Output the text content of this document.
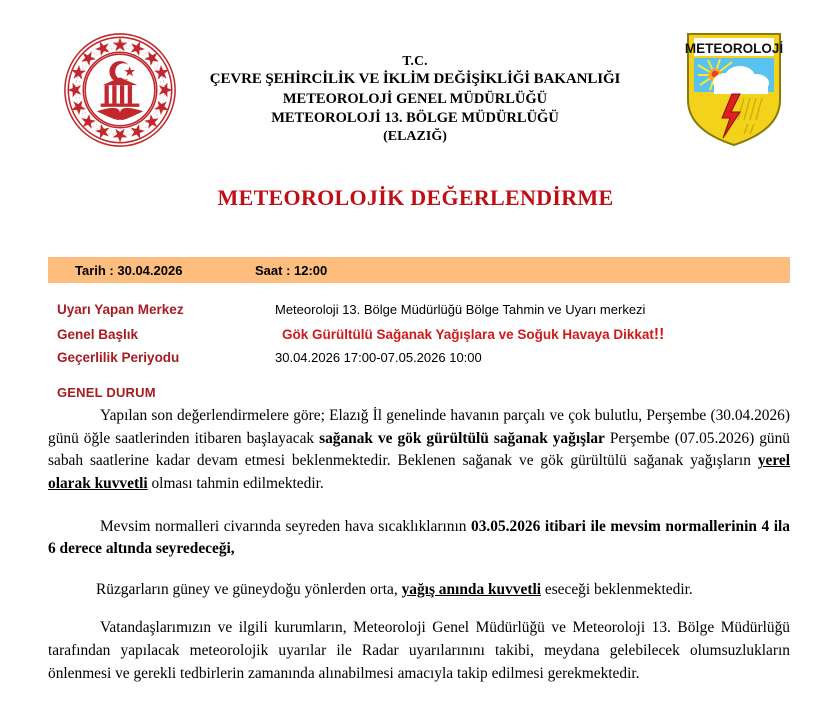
T.C.
ÇEVRE ŞEHİRCİLİK VE İKLİM DEĞİŞİKLİĞİ BAKANLIĞI
METEOROLOJİ GENEL MÜDÜRLÜĞÜ
METEOROLOJİ 13. BÖLGE MÜDÜRLÜĞÜ
(ELAZIĞ)
METEOROLOJİ
METEOROLOJİK DEĞERLENDİRME
Tarih : 30.04.2026	Saat : 12:00
Uyarı Yapan Merkez	Meteoroloji 13. Bölge Müdürlüğü Bölge Tahmin ve Uyarı merkezi
Genel Başlık	Gök Gürültülü Sağanak Yağışlara ve Soğuk Havaya Dikkat!!
Geçerlilik Periyodu	30.04.2026 17:00-07.05.2026 10:00
GENEL DURUM

Yapılan son değerlendirmelere göre; Elazığ İl genelinde havanın parçalı ve çok bulutlu, Perşembe (30.04.2026) günü öğle saatlerinden itibaren başlayacak sağanak ve gök gürültülü sağanak yağışlar Perşembe (07.05.2026) günü sabah saatlerine kadar devam etmesi beklenmektedir. Beklenen sağanak ve gök gürültülü sağanak yağışların yerel olarak kuvvetli olması tahmin edilmektedir.

Mevsim normalleri civarında seyreden hava sıcaklıklarının 03.05.2026 itibari ile mevsim normallerinin 4 ila 6 derece altında seyredeceği,

Rüzgarların güney ve güneydoğu yönlerden orta, yağış anında kuvvetli eseceği beklenmektedir.

Vatandaşlarımızın ve ilgili kurumların, Meteoroloji Genel Müdürlüğü ve Meteoroloji 13. Bölge Müdürlüğü tarafından yapılacak meteorolojik uyarılar ile Radar uyarılarınını takibi, meydana gelebilecek olumsuzlukların önlenmesi ve gerekli tedbirlerin zamanında alınabilmesi amacıyla takip edilmesi gerekmektedir.
